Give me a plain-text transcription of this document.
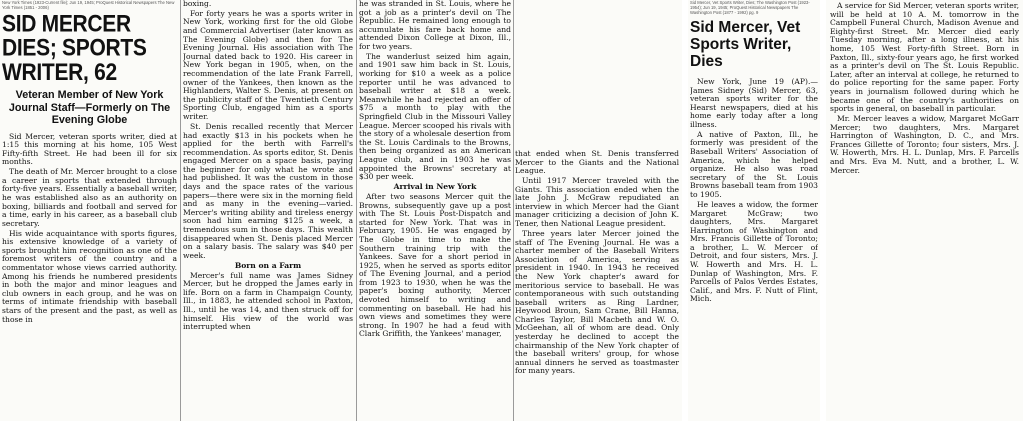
New York Times (1923-Current file); Jun 19, 1945; ProQuest Historical Newspapers The New York Times (1851 - 2006)

SID MERCER DIES; SPORTS WRITER, 62
Veteran Member of New York Journal Staff—Formerly on The Evening Globe

Sid Mercer, veteran sports writer, died at 1:15 this morning at his home, 105 West Fifty-fifth Street. He had been ill for six months.

The death of Mr. Mercer brought to a close a career in sports that extended through forty-five years. Essentially a baseball writer, he was established also as an authority on boxing, billiards and football and served for a time, early in his career, as a baseball club secretary.

His wide acquaintance with sports figures, his extensive knowledge of a variety of sports brought him recognition as one of the foremost writers of the country and a commentator whose views carried authority. Among his friends he numbered presidents in both the major and minor leagues and club owners in each group, and he was on terms of intimate friendship with baseball stars of the present and the past, as well as those in

boxing.

For forty years he was a sports writer in New York, working first for the old Globe and Commercial Advertiser (later known as The Evening Globe) and then for The Evening Journal. His association with The Journal dated back to 1920. His career in New York began in 1905, when, on the recommendation of the late Frank Farrell, owner of the Yankees, then known as the Highlanders, Walter S. Denis, at present on the publicity staff of the Twentieth Century Sporting Club, engaged him as a sports writer.

St. Denis recalled recently that Mercer had exactly $13 in his pockets when he applied for the berth with Farrell's recommendation. As sports editor, St. Denis engaged Mercer on a space basis, paying the beginner for only what he wrote and had published. It was the custom in those days and the space rates of the various papers—there were six in the morning field and as many in the evening—varied. Mercer's writing ability and tireless energy soon had him earning $125 a week, a tremendous sum in those days. This wealth disappeared when St. Denis placed Mercer on a salary basis. The salary was $40 per week.

Born on a Farm

Mercer's full name was James Sidney Mercer, but he dropped the James early in life. Born on a farm in Champaign County, Ill., in 1883, he attended school in Paxton, Ill., until he was 14, and then struck off for himself. His view of the world was interrupted when

he was stranded in St. Louis, where he got a job as a printer's devil on The Republic. He remained long enough to accumulate his fare back home and attended Dixon College at Dixon, Ill., for two years.

The wanderlust seized him again, and 1901 saw him back in St. Louis, working for $10 a week as a police reporter until he was advanced to baseball writer at $18 a week. Meanwhile he had rejected an offer of $75 a month to play with the Springfield Club in the Missouri Valley League. Mercer scooped his rivals with the story of a wholesale desertion from the St. Louis Cardinals to the Browns, then being organized as an American League club, and in 1903 he was appointed the Browns' secretary at $30 per week.

Arrival in New York

After two seasons Mercer quit the Browns, subsequently gave up a post with The St. Louis Post-Dispatch and started for New York. That was in February, 1905. He was engaged by The Globe in time to make the Southern training trip with the Yankees. Save for a short period in 1925, when he served as sports editor of The Evening Journal, and a period from 1923 to 1930, when he was the paper's boxing authority, Mercer devoted himself to writing and commenting on baseball. He had his own views and sometimes they were strong. In 1907 he had a feud with Clark Griffith, the Yankees' manager,

that ended when St. Denis transferred Mercer to the Giants and the National League.

Until 1917 Mercer traveled with the Giants. This association ended when the late John J. McGraw repudiated an interview in which Mercer had the Giant manager criticizing a decision of John K. Tener, then National League president.

Three years later Mercer joined the staff of The Evening Journal. He was a charter member of the Baseball Writers Association of America, serving as president in 1940. In 1943 he received the New York chapter's award for meritorious service to baseball. He was contemporaneous with such outstanding baseball writers as Ring Lardner, Heywood Broun, Sam Crane, Bill Hanna, Charles Taylor, Bill Macbeth and W. O. McGeehan, all of whom are dead. Only yesterday he declined to accept the chairmanship of the New York chapter of the baseball writers' group, for whose annual dinners he served as toastmaster for many years.

Sid Mercer, Vet Sports Writer, Dies; The Washington Post (1923-1954); Jun 19, 1945; ProQuest Historical Newspapers The Washington Post (1877 - 1992) pg. 9

Sid Mercer, Vet Sports Writer, Dies

New York, June 19 (AP).—James Sidney (Sid) Mercer, 63, veteran sports writer for the Hearst newspapers, died at his home early today after a long illness.

A native of Paxton, Ill., he formerly was president of the Baseball Writers' Association of America, which he helped organize. He also was road secretary of the St. Louis Browns baseball team from 1903 to 1905.

He leaves a widow, the former Margaret McGraw; two daughters, Mrs. Margaret Harrington of Washington and Mrs. Francis Gillette of Toronto; a brother, L. W. Mercer of Detroit, and four sisters, Mrs. J. W. Howerth and Mrs. H. L. Dunlap of Washington, Mrs. F. Parcells of Palos Verdes Estates, Calif., and Mrs. F. Nutt of Flint, Mich.

A service for Sid Mercer, veteran sports writer, will be held at 10 A. M. tomorrow in the Campbell Funeral Church, Madison Avenue and Eighty-first Street. Mr. Mercer died early Tuesday morning, after a long illness, at his home, 105 West Forty-fifth Street. Born in Paxton, Ill., sixty-four years ago, he first worked as a printer's devil on The St. Louis Republic. Later, after an interval at college, he returned to do police reporting for the same paper. Forty years in journalism followed during which he became one of the country's authorities on sports in general, on baseball in particular.

Mr. Mercer leaves a widow, Margaret McGarr Mercer; two daughters, Mrs. Margaret Harrington of Washington, D. C., and Mrs. Frances Gillette of Toronto; four sisters, Mrs. J. W. Howerth, Mrs. H. L. Dunlap, Mrs. F. Parcells and Mrs. Eva M. Nutt, and a brother, L. W. Mercer.
